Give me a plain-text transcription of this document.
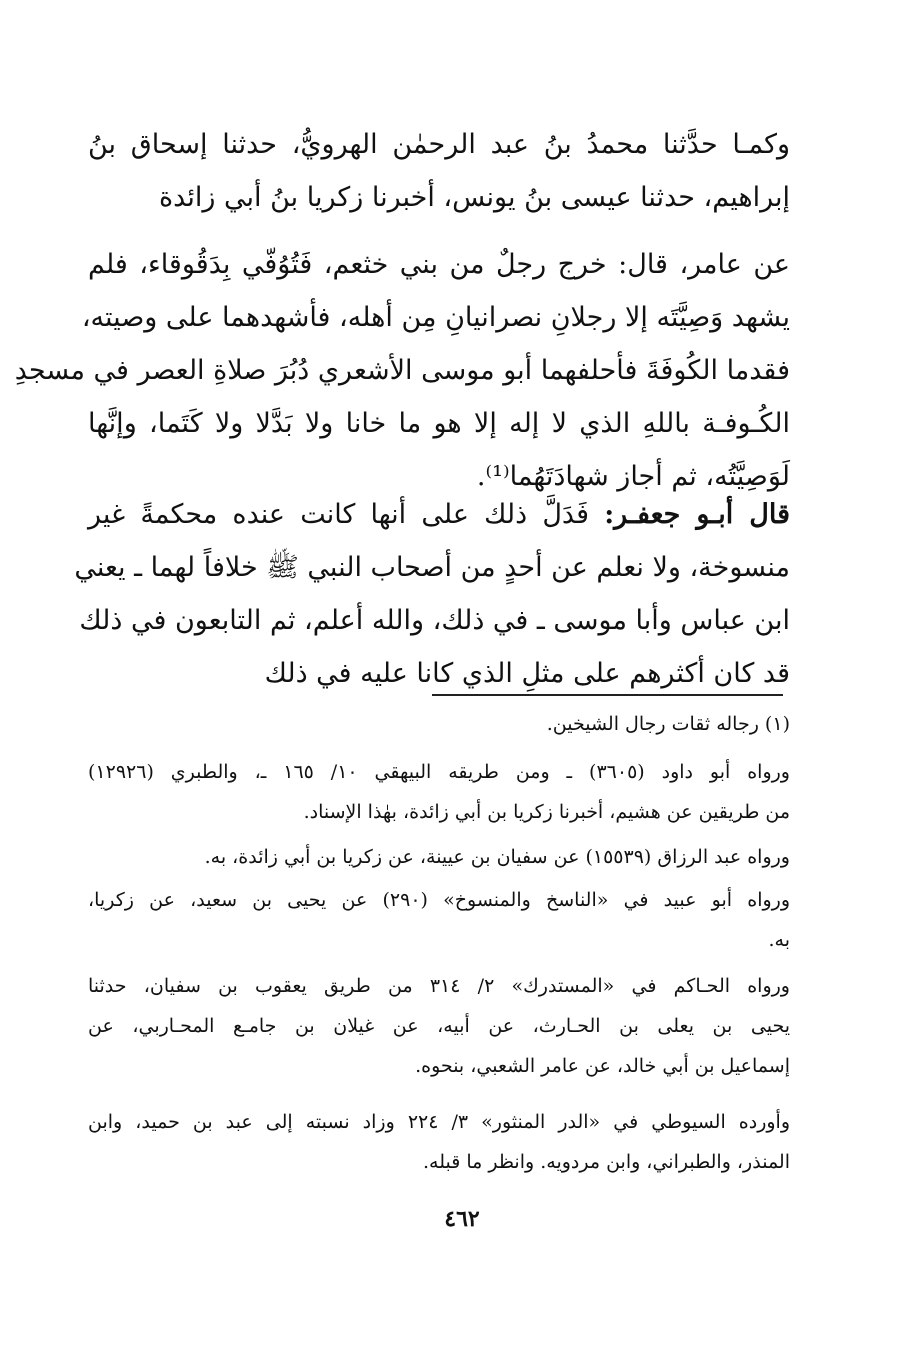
وكمـا حدَّثنا محمدُ بنُ عبد الرحمٰن الهرويُّ، حدثنا إسحاق بنُ
إبراهيم، حدثنا عيسى بنُ يونس، أخبرنا زكريا بنُ أبي زائدة
عن عامر، قال: خرج رجلٌ من بني خثعم، فَتُوُفّي بِدَقُوقاء، فلم
يشهد وَصِيَّتَه إلا رجلانِ نصرانيانِ مِن أهله، فأشهدهما على وصيته،
فقدما الكُوفَةَ فأحلفهما أبو موسى الأشعري دُبُرَ صلاةِ العصر في مسجدِ
الكُـوفـة باللهِ الذي لا إله إلا هو ما خانا ولا بَدَّلا ولا كَتَما، وإنَّها
لَوَصِيَّتُه، ثم أجاز شهادَتَهُما⁽¹⁾.
قال أبـو جعفـر: فَدَلَّ ذلك على أنها كانت عنده محكمةً غير
منسوخة، ولا نعلم عن أحدٍ من أصحاب النبي ﷺ خلافاً لهما ـ يعني
ابن عباس وأبا موسى ـ في ذلك، والله أعلم، ثم التابعون في ذلك
قد كان أكثرهم على مثلِ الذي كانا عليه في ذلك
(١) رجاله ثقات رجال الشيخين.
ورواه أبو داود (٣٦٠٥) ـ ومن طريقه البيهقي ١٠/ ١٦٥ ـ، والطبري (١٢٩٢٦)
من طريقين عن هشيم، أخبرنا زكريا بن أبي زائدة، بهٰذا الإسناد.
ورواه عبد الرزاق (١٥٥٣٩) عن سفيان بن عيينة، عن زكريا بن أبي زائدة، به.
ورواه أبو عبيد في «الناسخ والمنسوخ» (٢٩٠) عن يحيى بن سعيد، عن زكريا،
به.
ورواه الحـاكم في «المستدرك» ٢/ ٣١٤ من طريق يعقوب بن سفيان، حدثنا
يحيى بن يعلى بن الحـارث، عن أبيه، عن غيلان بن جامـع المحـاربي، عن
إسماعيل بن أبي خالد، عن عامر الشعبي، بنحوه.
وأورده السيوطي في «الدر المنثور» ٣/ ٢٢٤ وزاد نسبته إلى عبد بن حميد، وابن
المنذر، والطبراني، وابن مردويه. وانظر ما قبله.
٤٦٢
